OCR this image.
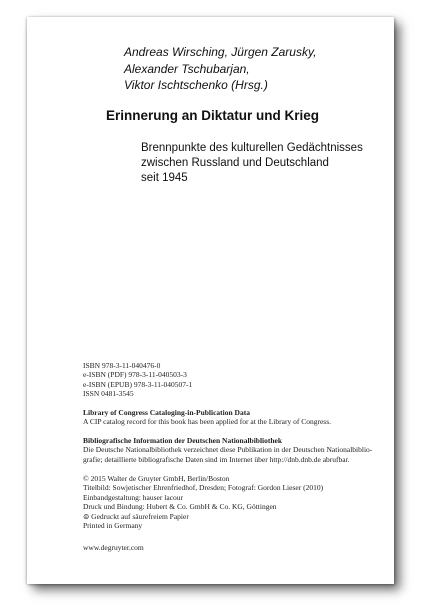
Andreas Wirsching, Jürgen Zarusky,
Alexander Tschubarjan,
Viktor Ischtschenko (Hrsg.)
Erinnerung an Diktatur und Krieg
Brennpunkte des kulturellen Gedächtnisses
zwischen Russland und Deutschland
seit 1945
ISBN 978-3-11-040476-0
e-ISBN (PDF) 978-3-11-040503-3
e-ISBN (EPUB) 978-3-11-040507-1
ISSN 0481-3545
Library of Congress Cataloging-in-Publication Data
A CIP catalog record for this book has been applied for at the Library of Congress.
Bibliografische Information der Deutschen Nationalbibliothek
Die Deutsche Nationalbibliothek verzeichnet diese Publikation in der Deutschen Nationalbiblio-
grafie; detaillierte bibliografische Daten sind im Internet über http://dnb.dnb.de abrufbar.
© 2015 Walter de Gruyter GmbH, Berlin/Boston
Titelbild: Sowjetischer Ehrenfriedhof, Dresden; Fotograf: Gordon Lieser (2010)
Einbandgestaltung: hauser lacour
Druck und Bindung: Hubert & Co. GmbH & Co. KG, Göttingen
⊜ Gedruckt auf säurefreiem Papier
Printed in Germany
www.degruyter.com
